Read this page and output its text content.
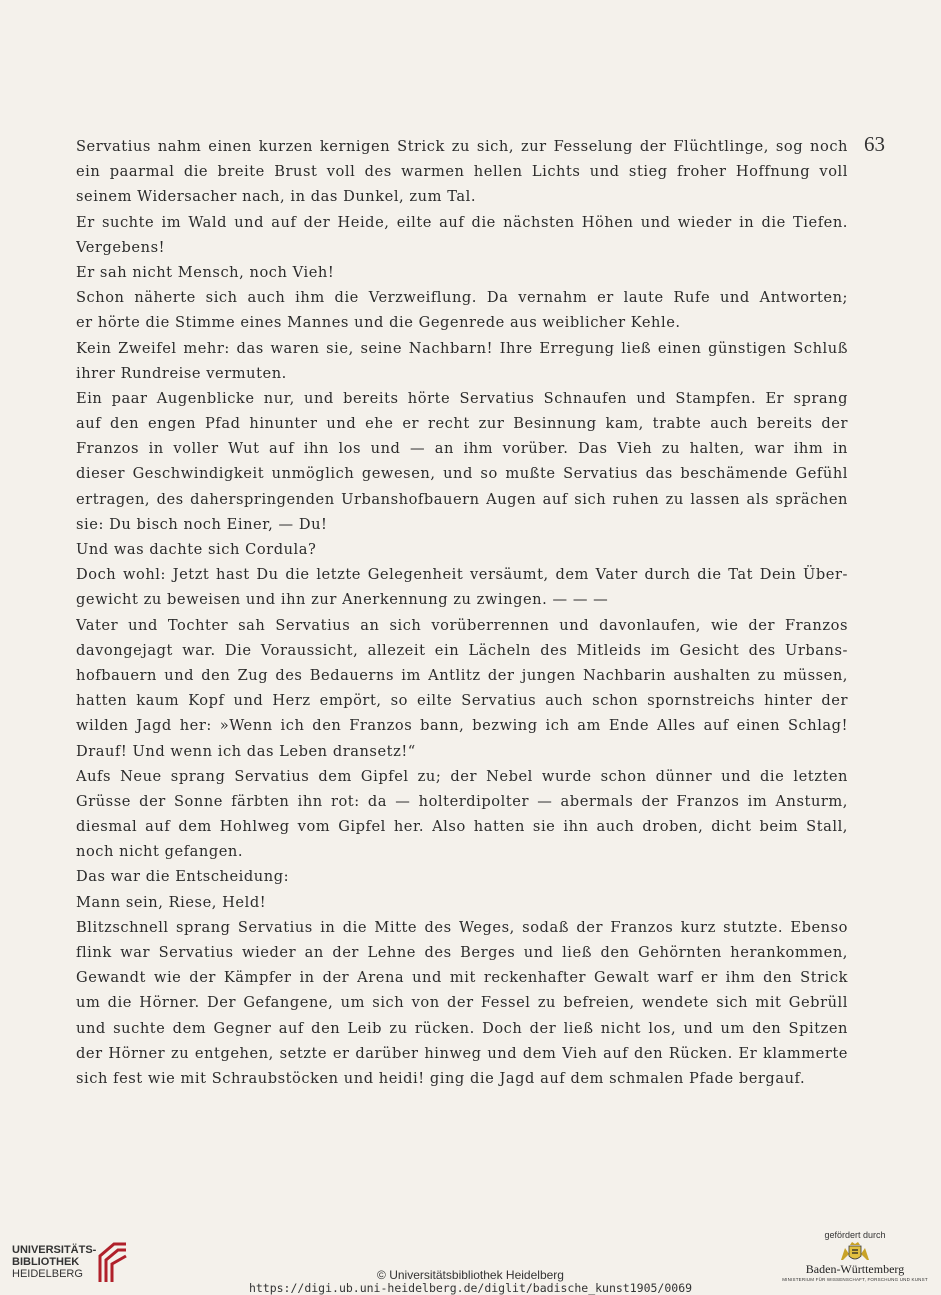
63
Servatius nahm einen kurzen kernigen Strick zu sich, zur Fesselung der Flüchtlinge, sog noch
ein paarmal die breite Brust voll des warmen hellen Lichts und stieg froher Hoffnung voll
seinem Widersacher nach, in das Dunkel, zum Tal.
Er suchte im Wald und auf der Heide, eilte auf die nächsten Höhen und wieder in die Tiefen.
Vergebens!
Er sah nicht Mensch, noch Vieh!
Schon näherte sich auch ihm die Verzweiflung. Da vernahm er laute Rufe und Antworten;
er hörte die Stimme eines Mannes und die Gegenrede aus weiblicher Kehle.
Kein Zweifel mehr: das waren sie, seine Nachbarn! Ihre Erregung ließ einen günstigen Schluß
ihrer Rundreise vermuten.
Ein paar Augenblicke nur, und bereits hörte Servatius Schnaufen und Stampfen. Er sprang
auf den engen Pfad hinunter und ehe er recht zur Besinnung kam, trabte auch bereits der
Franzos in voller Wut auf ihn los und — an ihm vorüber. Das Vieh zu halten, war ihm in
dieser Geschwindigkeit unmöglich gewesen, und so mußte Servatius das beschämende Gefühl
ertragen, des daherspringenden Urbanshofbauern Augen auf sich ruhen zu lassen als sprächen
sie: Du bisch noch Einer, — Du!
Und was dachte sich Cordula?
Doch wohl: Jetzt hast Du die letzte Gelegenheit versäumt, dem Vater durch die Tat Dein Über-
gewicht zu beweisen und ihn zur Anerkennung zu zwingen. — — —
Vater und Tochter sah Servatius an sich vorüberrennen und davonlaufen, wie der Franzos
davongejagt war. Die Voraussicht, allezeit ein Lächeln des Mitleids im Gesicht des Urbans-
hofbauern und den Zug des Bedauerns im Antlitz der jungen Nachbarin aushalten zu müssen,
hatten kaum Kopf und Herz empört, so eilte Servatius auch schon spornstreichs hinter der
wilden Jagd her: »Wenn ich den Franzos bann, bezwing ich am Ende Alles auf einen Schlag!
Drauf! Und wenn ich das Leben dransetz!“
Aufs Neue sprang Servatius dem Gipfel zu; der Nebel wurde schon dünner und die letzten
Grüsse der Sonne färbten ihn rot: da — holterdipolter — abermals der Franzos im Ansturm,
diesmal auf dem Hohlweg vom Gipfel her. Also hatten sie ihn auch droben, dicht beim Stall,
noch nicht gefangen.
Das war die Entscheidung:
Mann sein, Riese, Held!
Blitzschnell sprang Servatius in die Mitte des Weges, sodaß der Franzos kurz stutzte. Ebenso
flink war Servatius wieder an der Lehne des Berges und ließ den Gehörnten herankommen,
Gewandt wie der Kämpfer in der Arena und mit reckenhafter Gewalt warf er ihm den Strick
um die Hörner. Der Gefangene, um sich von der Fessel zu befreien, wendete sich mit Gebrüll
und suchte dem Gegner auf den Leib zu rücken. Doch der ließ nicht los, und um den Spitzen
der Hörner zu entgehen, setzte er darüber hinweg und dem Vieh auf den Rücken. Er klammerte
sich fest wie mit Schraubstöcken und heidi! ging die Jagd auf dem schmalen Pfade bergauf.
UNIVERSITÄTS-
BIBLIOTHEK
HEIDELBERG	© Universitätsbibliothek Heidelberg
https://digi.ub.uni-heidelberg.de/diglit/badische_kunst1905/0069
gefördert durch
Baden-Württemberg
MINISTERIUM FÜR WISSENSCHAFT, FORSCHUNG UND KUNST
